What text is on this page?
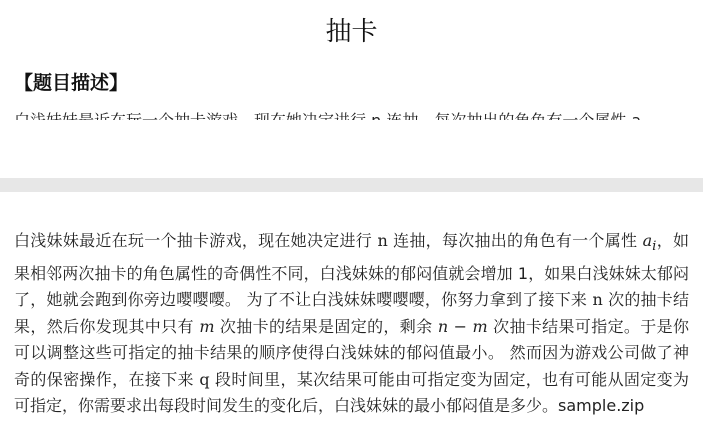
抽卡
【题目描述】

白浅妹妹最近在玩一个抽卡游戏，现在她决定进行 n 连抽，每次抽出的角色有一个属性 $a_i$，如果相邻两次抽卡的角色属性的奇偶性不同，白浅妹妹的郁闷值就会增加 1，如果白浅妹妹太郁闷了，她就会跑到你旁边嘤嘤嘤。 为了不让白浅妹妹嘤嘤嘤，你努力拿到了接下来 n 次的抽卡结果，然后你发现其中只有 m 次抽卡的结果是固定的，剩余 n − m 次抽卡结果可指定。于是你可以调整这些可指定的抽卡结果的顺序使得白浅妹妹的郁闷值最小。 然而因为游戏公司做了神奇的保密操作，在接下来 q 段时间里，某次结果可能由可指定变为固定，也有可能从固定变为可指定，你需要求出每段时间发生的变化后，白浅妹妹的最小郁闷值是多少。sample.zip
